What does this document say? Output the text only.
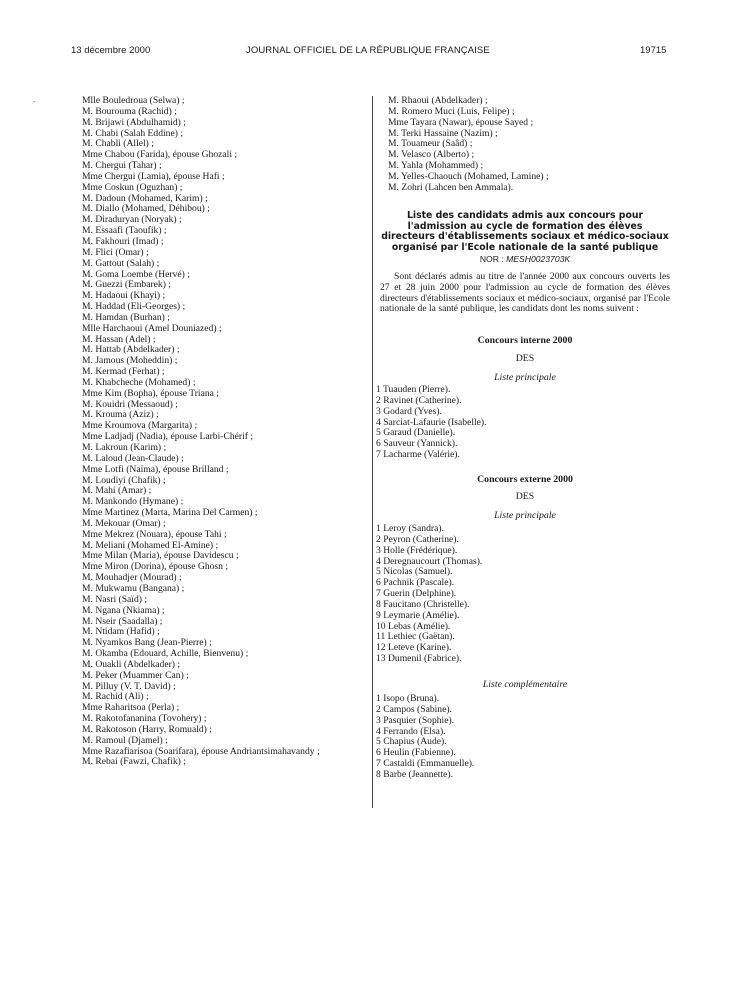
13 décembre 2000	JOURNAL OFFICIEL DE LA RÉPUBLIQUE FRANÇAISE	19715
-	Mlle Bouledroua (Selwa) ;
M. Bourouma (Rachid) ;
M. Brijawi (Abdulhamid) ;
M. Chabi (Salah Eddine) ;
M. Chabli (Allel) ;
Mme Chabou (Farida), épouse Ghozali ;
M. Chergui (Tahar) ;
Mme Chergui (Lamia), épouse Hafi ;
Mme Coskun (Oguzhan) ;
M. Dadoun (Mohamed, Karim) ;
M. Diallo (Mohamed, Déhibou) ;
M. Diraduryan (Noryak) ;
M. Essaafi (Taoufik) ;
M. Fakhouri (Imad) ;
M. Flici (Omar) ;
M. Gattout (Salah) ;
M. Goma Loembe (Hervé) ;
M. Guezzi (Embarek) ;
M. Hadaoui (Khayi) ;
M. Haddad (Eli-Georges) ;
M. Hamdan (Burhan) ;
Mlle Harchaoui (Amel Douniazed) ;
M. Hassan (Adel) ;
M. Hattab (Abdelkader) ;
M. Jamous (Moheddin) ;
M. Kermad (Ferhat) ;
M. Khabcheche (Mohamed) ;
Mme Kim (Bopha), épouse Triana ;
M. Kouidri (Messaoud) ;
M. Krouma (Aziz) ;
Mme Kroumova (Margarita) ;
Mme Ladjadj (Nadia), épouse Larbi-Chérif ;
M. Lakroun (Karim) ;
M. Laloud (Jean-Claude) ;
Mme Lotfi (Naïma), épouse Brilland ;
M. Loudiyi (Chafik) ;
M. Mahi (Amar) ;
M. Mankondo (Hymane) ;
Mme Martinez (Marta, Marina Del Carmen) ;
M. Mekouar (Omar) ;
Mme Mekrez (Nouara), épouse Tahi ;
M. Meliani (Mohamed El-Amine) ;
Mme Milan (Maria), épouse Davidescu ;
Mme Miron (Dorina), épouse Ghosn ;
M. Mouhadjer (Mourad) ;
M. Mukwamu (Bangana) ;
M. Nasri (Saïd) ;
M. Ngana (Nkiama) ;
M. Nseir (Saadalla) ;
M. Ntidam (Hafid) ;
M. Nyamkos Bang (Jean-Pierre) ;
M. Okamba (Edouard, Achille, Bienvenu) ;
M. Ouakli (Abdelkader) ;
M. Peker (Muammer Can) ;
M. Pilluy (V. T. David) ;
M. Rachid (Ali) ;
Mme Raharitsoa (Perla) ;
M. Rakotofananina (Tovohery) ;
M. Rakotoson (Harry, Romuald) ;
M. Ramoul (Djamel) ;
Mme Razafiarisoa (Soarifara), épouse Andriantsimahavandy ;
M. Rebai (Fawzi, Chafik) ;
M. Rhaoui (Abdelkader) ;
M. Romero Muci (Luis, Felipe) ;
Mme Tayara (Nawar), épouse Sayed ;
M. Terki Hassaine (Nazim) ;
M. Touameur (Saâd) ;
M. Velasco (Alberto) ;
M. Yahla (Mohammed) ;
M. Yelles-Chaouch (Mohamed, Lamine) ;
M. Zohri (Lahcen ben Ammala).
Liste des candidats admis aux concours pour l'admission au cycle de formation des élèves directeurs d'établissements sociaux et médico-sociaux organisé par l'Ecole nationale de la santé publique
NOR : MESH0023703K
Sont déclarés admis au titre de l'année 2000 aux concours ouverts les 27 et 28 juin 2000 pour l'admission au cycle de formation des élèves directeurs d'établissements sociaux et médico-sociaux, organisé par l'Ecole nationale de la santé publique, les candidats dont les noms suivent :
Concours interne 2000
DES
Liste principale
1 Tuauden (Pierre).
2 Ravinet (Catherine).
3 Godard (Yves).
4 Sarciat-Lafaurie (Isabelle).
5 Garaud (Danielle).
6 Sauveur (Yannick).
7 Lacharme (Valérie).
Concours externe 2000
DES
Liste principale
1 Leroy (Sandra).
2 Peyron (Catherine).
3 Holle (Frédérique).
4 Deregnaucourt (Thomas).
5 Nicolas (Samuel).
6 Pachnik (Pascale).
7 Guerin (Delphine).
8 Faucitano (Christelle).
9 Leymarie (Amélie).
10 Lebas (Amélie).
11 Lethiec (Gaëtan).
12 Leteve (Karine).
13 Dumenil (Fabrice).
Liste complémentaire
1 Isopo (Bruna).
2 Campos (Sabine).
3 Pasquier (Sophie).
4 Ferrando (Elsa).
5 Chapius (Aude).
6 Heulin (Fabienne).
7 Castaldi (Emmanuelle).
8 Barbe (Jeannette).
